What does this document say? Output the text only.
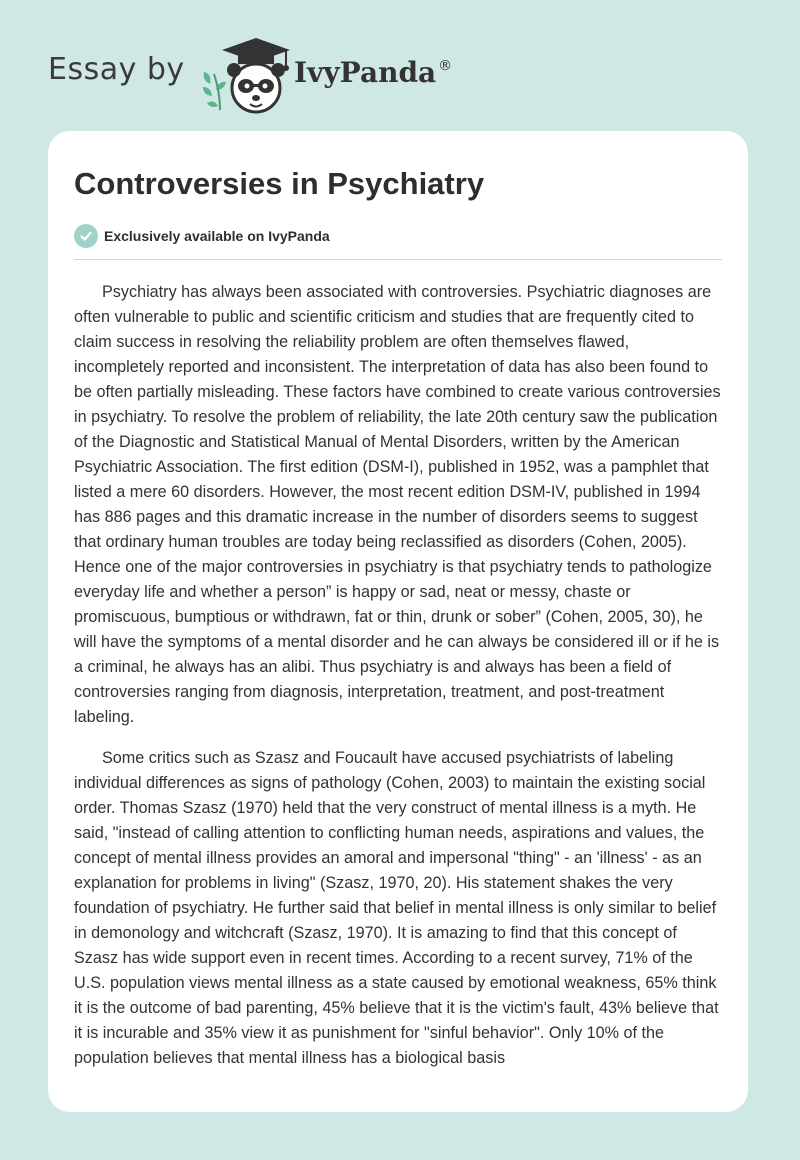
Essay by	IvyPanda ®
Controversies in Psychiatry
Exclusively available on IvyPanda

Psychiatry has always been associated with controversies. Psychiatric diagnoses are often vulnerable to public and scientific criticism and studies that are frequently cited to claim success in resolving the reliability problem are often themselves flawed, incompletely reported and inconsistent. The interpretation of data has also been found to be often partially misleading. These factors have combined to create various controversies in psychiatry. To resolve the problem of reliability, the late 20th century saw the publication of the Diagnostic and Statistical Manual of Mental Disorders, written by the American Psychiatric Association. The first edition (DSM-I), published in 1952, was a pamphlet that listed a mere 60 disorders. However, the most recent edition DSM-IV, published in 1994 has 886 pages and this dramatic increase in the number of disorders seems to suggest that ordinary human troubles are today being reclassified as disorders (Cohen, 2005). Hence one of the major controversies in psychiatry is that psychiatry tends to pathologize everyday life and whether a person” is happy or sad, neat or messy, chaste or promiscuous, bumptious or withdrawn, fat or thin, drunk or sober” (Cohen, 2005, 30), he will have the symptoms of a mental disorder and he can always be considered ill or if he is a criminal, he always has an alibi. Thus psychiatry is and always has been a field of controversies ranging from diagnosis, interpretation, treatment, and post-treatment labeling.

Some critics such as Szasz and Foucault have accused psychiatrists of labeling individual differences as signs of pathology (Cohen, 2003) to maintain the existing social order. Thomas Szasz (1970) held that the very construct of mental illness is a myth. He said, "instead of calling attention to conflicting human needs, aspirations and values, the concept of mental illness provides an amoral and impersonal "thing" - an 'illness' - as an explanation for problems in living" (Szasz, 1970, 20). His statement shakes the very foundation of psychiatry. He further said that belief in mental illness is only similar to belief in demonology and witchcraft (Szasz, 1970). It is amazing to find that this concept of Szasz has wide support even in recent times. According to a recent survey, 71% of the U.S. population views mental illness as a state caused by emotional weakness, 65% think it is the outcome of bad parenting, 45% believe that it is the victim's fault, 43% believe that it is incurable and 35% view it as punishment for "sinful behavior". Only 10% of the population believes that mental illness has a biological basis
